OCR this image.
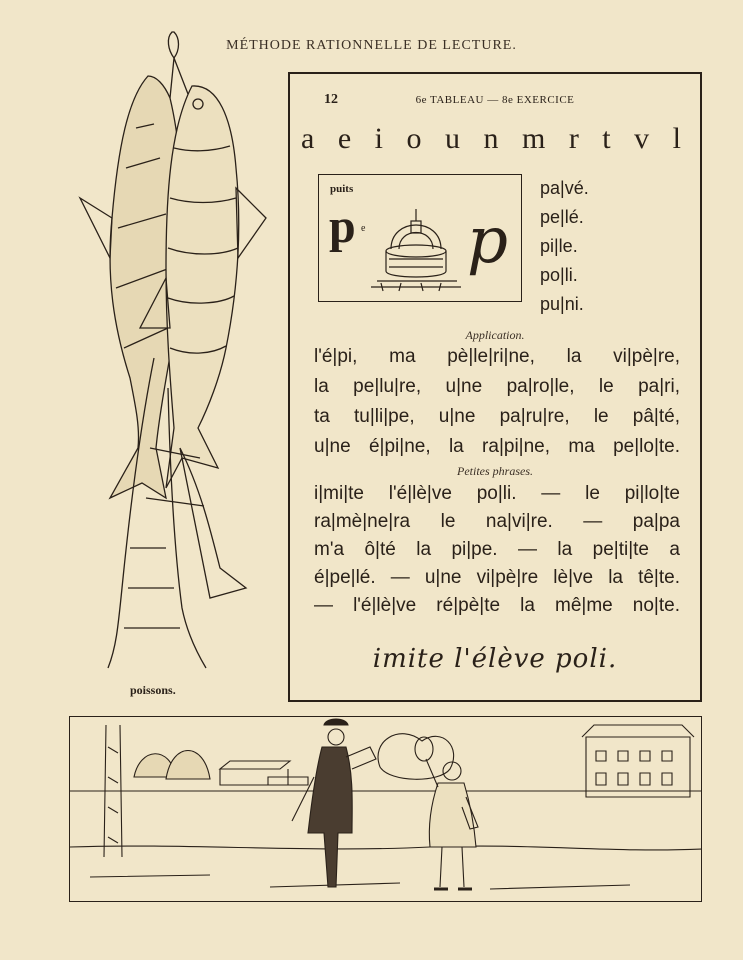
MÉTHODE RATIONNELLE DE LECTURE.
poissons.
12	6e TABLEAU — 8e EXERCICE
a e i o u n m r t v l
puits
p e p
pa|vé.
pe|lé.
pi|le.
po|li.
pu|ni.
Application.
l'é|pi, ma pè|le|ri|ne, la vi|pè|re,
la pe|lu|re, u|ne pa|ro|le, le pa|ri,
ta tu|li|pe, u|ne pa|ru|re, le pâ|té,
u|ne é|pi|ne, la ra|pi|ne, ma pe|lo|te.
Petites phrases.
i|mi|te l'é|lè|ve po|li. — le pi|lo|te
ra|mè|ne|ra le na|vi|re. — pa|pa
m'a ô|té la pi|pe. — la pe|ti|te a
é|pe|lé. — u|ne vi|pè|re lè|ve la tê|te.
— l'é|lè|ve ré|pè|te la mê|me no|te.
imite l'élève poli.
